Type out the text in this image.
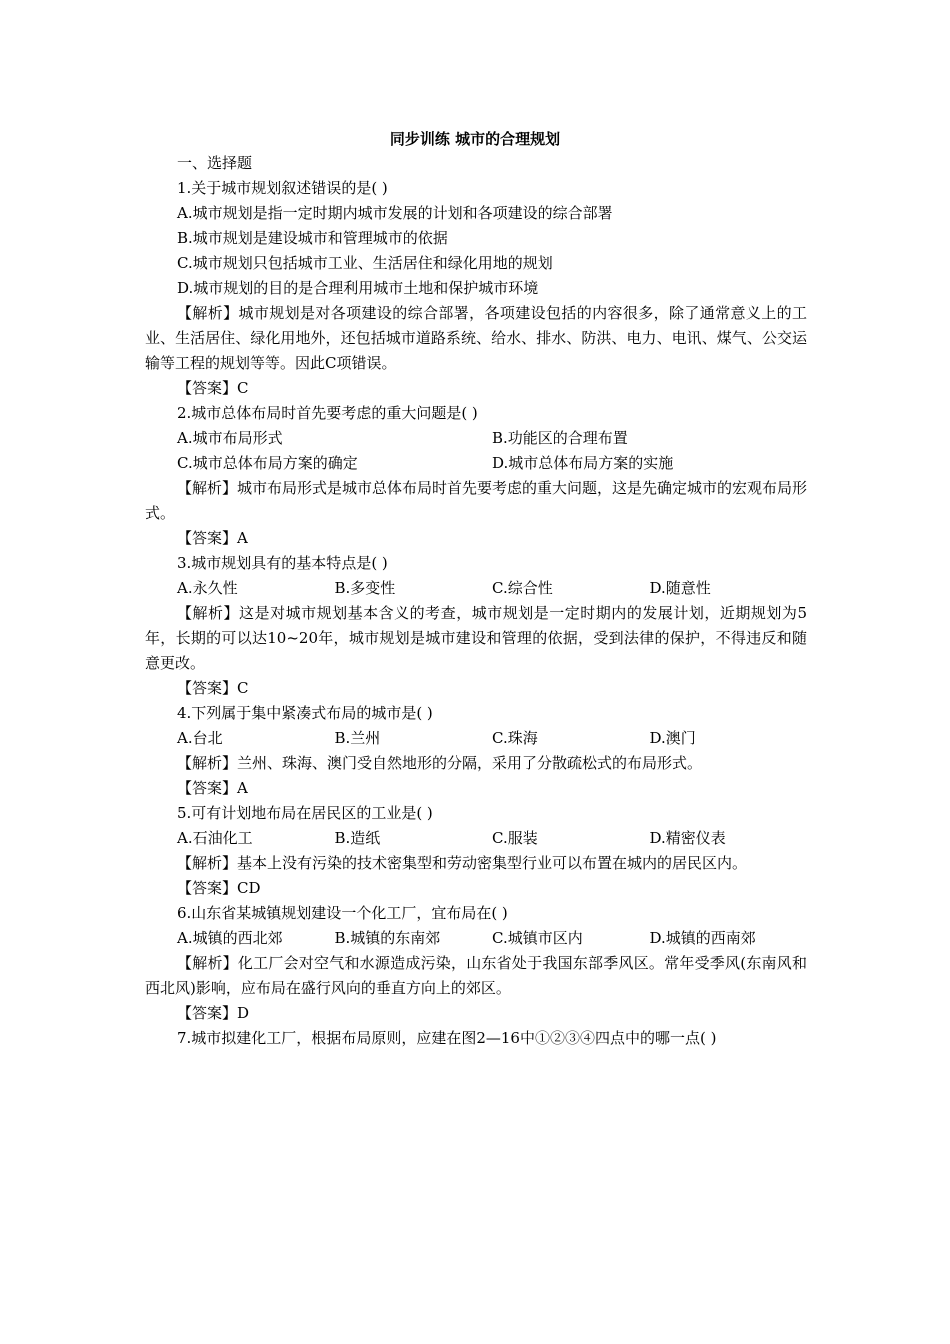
同步训练 城市的合理规划
一、选择题
1.关于城市规划叙述错误的是( )
A.城市规划是指一定时期内城市发展的计划和各项建设的综合部署
B.城市规划是建设城市和管理城市的依据
C.城市规划只包括城市工业、生活居住和绿化用地的规划
D.城市规划的目的是合理利用城市土地和保护城市环境
【解析】城市规划是对各项建设的综合部署，各项建设包括的内容很多，除了通常意义上的工业、生活居住、绿化用地外，还包括城市道路系统、给水、排水、防洪、电力、电讯、煤气、公交运输等工程的规划等等。因此C项错误。
【答案】C
2.城市总体布局时首先要考虑的重大问题是( )
A.城市布局形式	B.功能区的合理布置
C.城市总体布局方案的确定	D.城市总体布局方案的实施
【解析】城市布局形式是城市总体布局时首先要考虑的重大问题，这是先确定城市的宏观布局形式。
【答案】A
3.城市规划具有的基本特点是( )
A.永久性	B.多变性	C.综合性	D.随意性
【解析】这是对城市规划基本含义的考查，城市规划是一定时期内的发展计划，近期规划为5年，长期的可以达10~20年，城市规划是城市建设和管理的依据，受到法律的保护，不得违反和随意更改。
【答案】C
4.下列属于集中紧凑式布局的城市是( )
A.台北	B.兰州	C.珠海	D.澳门
【解析】兰州、珠海、澳门受自然地形的分隔，采用了分散疏松式的布局形式。
【答案】A
5.可有计划地布局在居民区的工业是( )
A.石油化工	B.造纸	C.服装	D.精密仪表
【解析】基本上没有污染的技术密集型和劳动密集型行业可以布置在城内的居民区内。
【答案】CD
6.山东省某城镇规划建设一个化工厂，宜布局在( )
A.城镇的西北郊	B.城镇的东南郊	C.城镇市区内	D.城镇的西南郊
【解析】化工厂会对空气和水源造成污染，山东省处于我国东部季风区。常年受季风(东南风和西北风)影响，应布局在盛行风向的垂直方向上的郊区。
【答案】D
7.城市拟建化工厂，根据布局原则，应建在图2—16中①②③④四点中的哪一点( )
